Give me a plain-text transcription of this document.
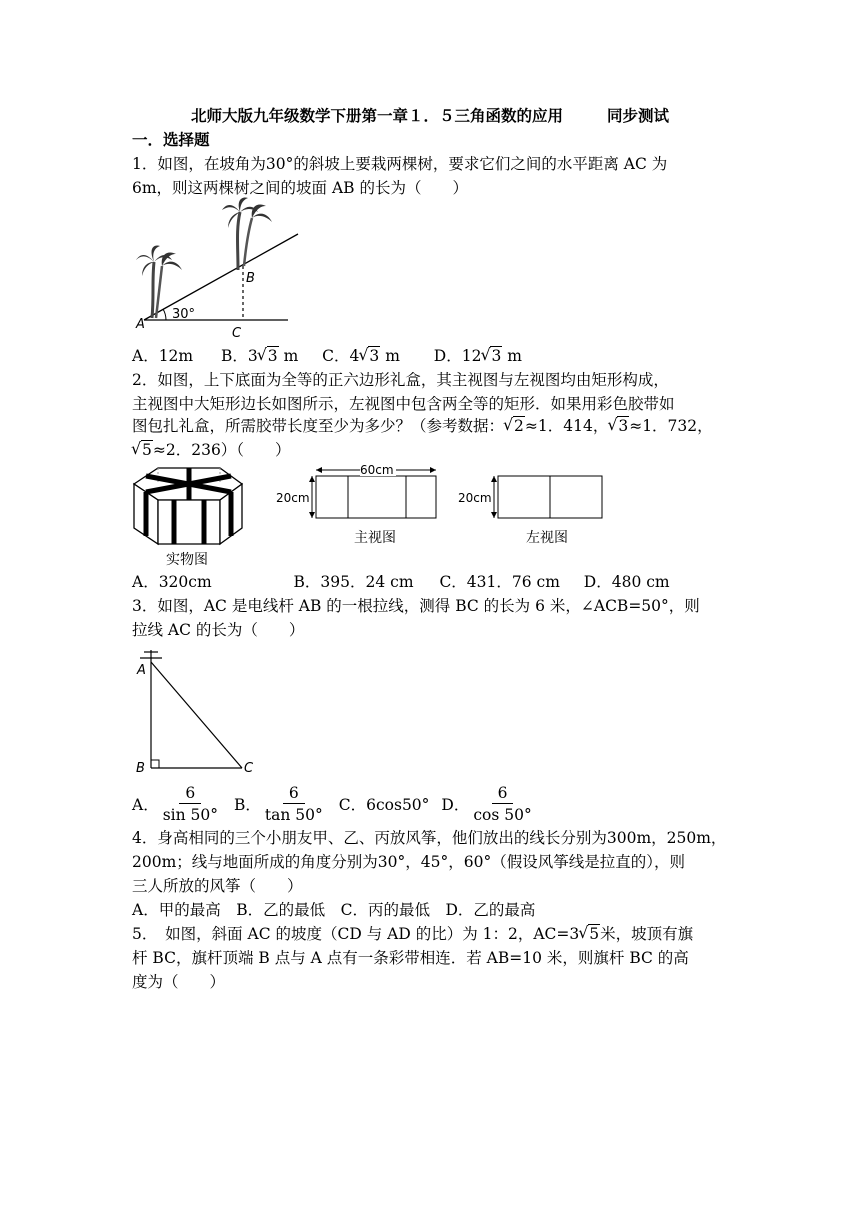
北师大版九年级数学下册第一章１．５三角函数的应用	同步测试
一．选择题
1．如图，在坡角为30°的斜坡上要栽两棵树，要求它们之间的水平距离 AC 为
6m，则这两棵树之间的坡面 AB 的长为（　　）
A
B
C
30°
A．12m B．3 √ 3 m C．4 √ 3 m D．12 √ 3 m
2．如图，上下底面为全等的正六边形礼盒，其主视图与左视图均由矩形构成，
主视图中大矩形边长如图所示，左视图中包含两全等的矩形．如果用彩色胶带如
图包扎礼盒，所需胶带长度至少为多少？（参考数据： √ 2≈1．414， √ 3≈1．732，
√ 5≈2．236）（　　）
实物图
60cm
20cm
主视图
20cm
左视图
A．320cm	B．395．24 cm C．431．76 cm D．480 cm
3．如图，AC 是电线杆 AB 的一根拉线，测得 BC 的长为 6 米，∠ACB=50°，则
拉线 AC 的长为（　　）
A
B	C
A． $\frac{6}{\sin 50^\circ}$ B． $\frac{6}{\tan 50^\circ}$ C．6cos50° D． $\frac{6}{\cos 50^\circ}$
4．身高相同的三个小朋友甲、乙、丙放风筝，他们放出的线长分别为300m，250m，
200m；线与地面所成的角度分别为30°，45°，60°（假设风筝线是拉直的），则
三人所放的风筝（　　）
A．甲的最高　B．乙的最低　C．丙的最低　D．乙的最高
5．　如图，斜面 AC 的坡度（CD 与 AD 的比）为 1：2，AC=3 √ 5米，坡顶有旗
杆 BC，旗杆顶端 B 点与 A 点有一条彩带相连．若 AB=10 米，则旗杆 BC 的高
度为（　　）
